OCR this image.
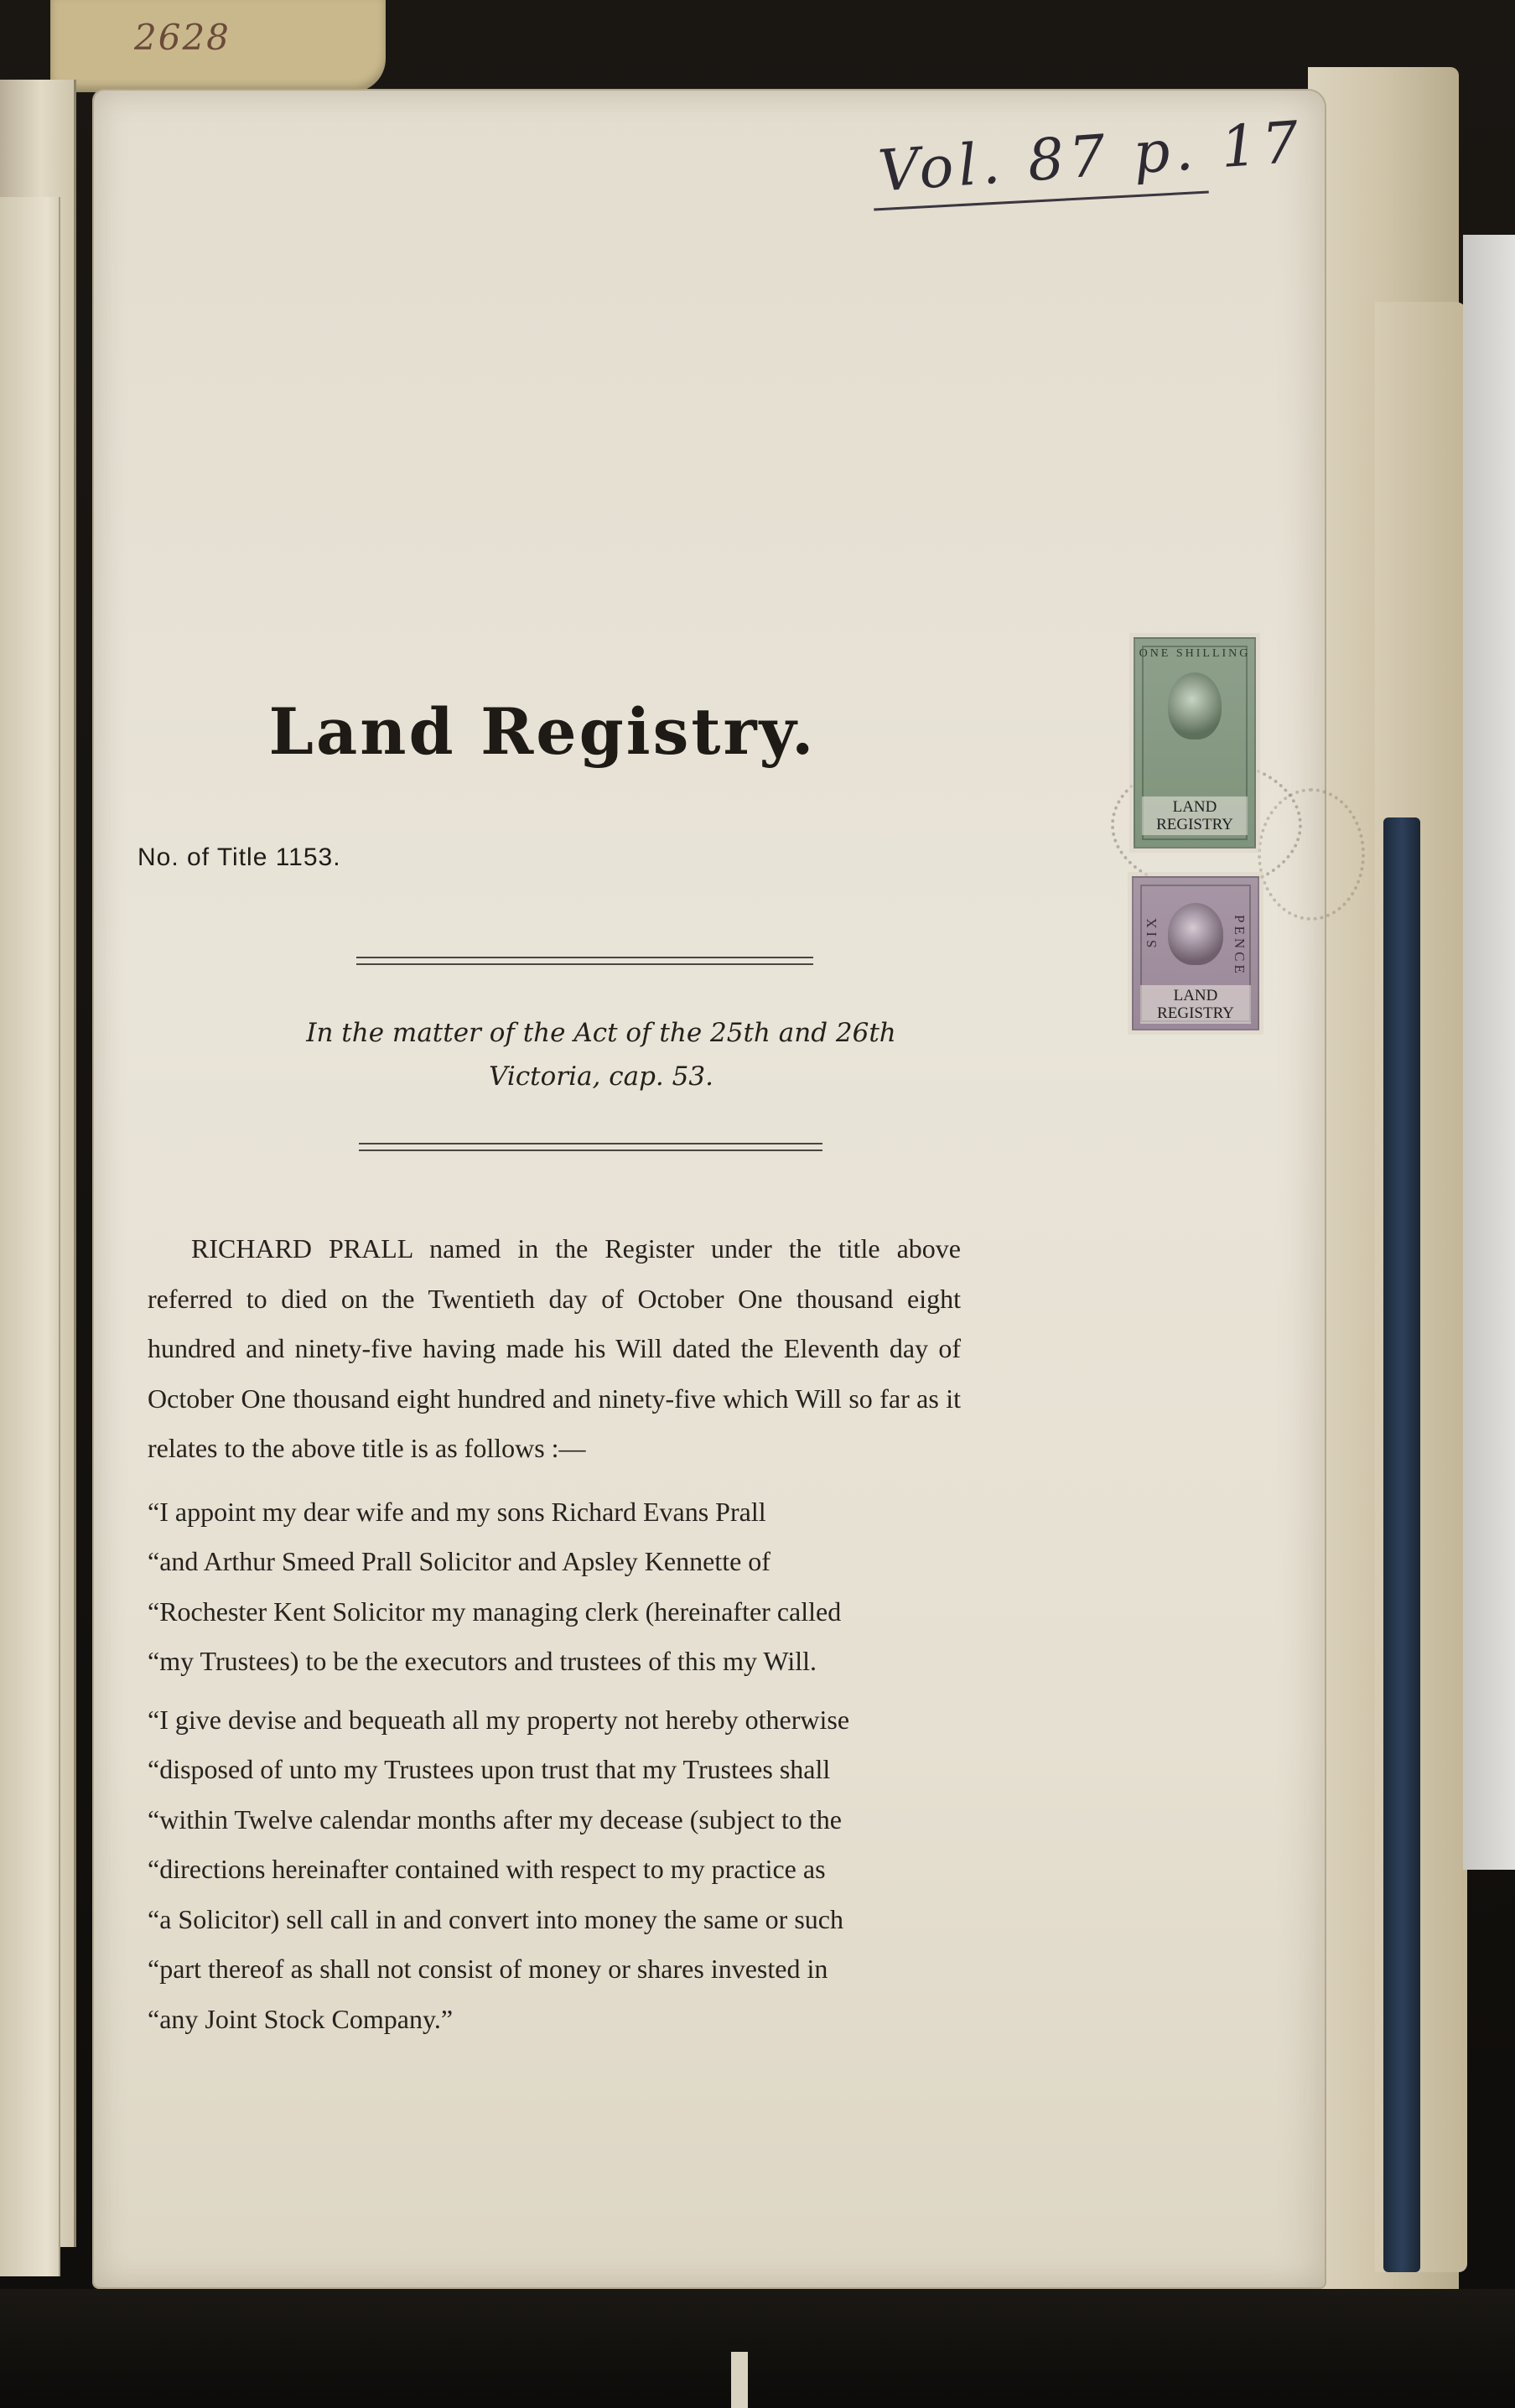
2628
Vol. 87 p. 17
Land Registry.
No. of Title 1153.
In the matter of the Act of the 25th and 26th
Victoria, cap. 53.

RICHARD PRALL named in the Register under the title above referred to died on the Twentieth day of October One thousand eight hundred and ninety-five having made his Will dated the Eleventh day of October One thousand eight hundred and ninety-five which Will so far as it relates to the above title is as follows :—

“I appoint my dear wife and my sons Richard Evans Prall
“and Arthur Smeed Prall Solicitor and Apsley Kennette of
“Rochester Kent Solicitor my managing clerk (hereinafter called
“my Trustees) to be the executors and trustees of this my Will.

“I give devise and bequeath all my property not hereby otherwise
“disposed of unto my Trustees upon trust that my Trustees shall
“within Twelve calendar months after my decease (subject to the
“directions hereinafter contained with respect to my practice as
“a Solicitor) sell call in and convert into money the same or such
“part thereof as shall not consist of money or shares invested in
“any Joint Stock Company.”

ONE SHILLING
LAND
REGISTRY
SIX	PENCE
LAND
REGISTRY
